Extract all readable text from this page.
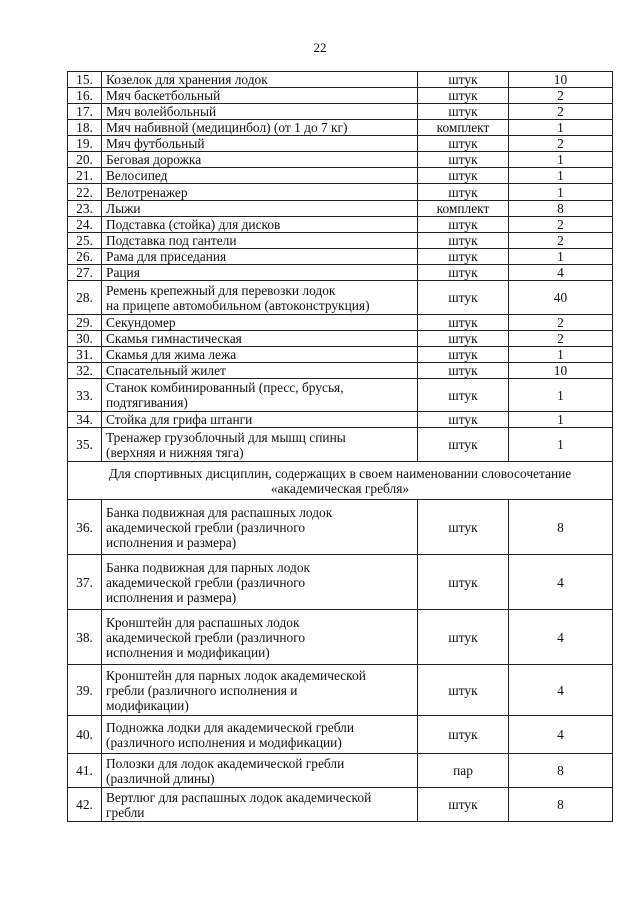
22
15.	Козелок для хранения лодок	штук	10
16.	Мяч баскетбольный	штук	2
17.	Мяч волейбольный	штук	2
18.	Мяч набивной (медицинбол) (от 1 до 7 кг)	комплект	1
19.	Мяч футбольный	штук	2
20.	Беговая дорожка	штук	1
21.	Велосипед	штук	1
22.	Велотренажер	штук	1
23.	Лыжи	комплект	8
24.	Подставка (стойка) для дисков	штук	2
25.	Подставка под гантели	штук	2
26.	Рама для приседания	штук	1
27.	Рация	штук	4
28.	Ремень крепежный для перевозки лодок
на прицепе автомобильном (автоконструкция)	штук	40
29.	Секундомер	штук	2
30.	Скамья гимнастическая	штук	2
31.	Скамья для жима лежа	штук	1
32.	Спасательный жилет	штук	10
33.	Станок комбинированный (пресс, брусья,
подтягивания)	штук	1
34.	Стойка для грифа штанги	штук	1
35.	Тренажер грузоблочный для мышц спины
(верхняя и нижняя тяга)	штук	1

Для спортивных дисциплин, содержащих в своем наименовании словосочетание
«академическая гребля»			

36.	Банка подвижная для распашных лодок
академической гребли (различного
исполнения и размера)	штук	8
37.	Банка подвижная для парных лодок
академической гребли (различного
исполнения и размера)	штук	4
38.	Кронштейн для распашных лодок
академической гребли (различного
исполнения и модификации)	штук	4
39.	Кронштейн для парных лодок академической
гребли (различного исполнения и
модификации)	штук	4
40.	Подножка лодки для академической гребли
(различного исполнения и модификации)	штук	4
41.	Полозки для лодок академической гребли
(различной длины)	пар	8
42.	Вертлюг для распашных лодок академической
гребли	штук	8
